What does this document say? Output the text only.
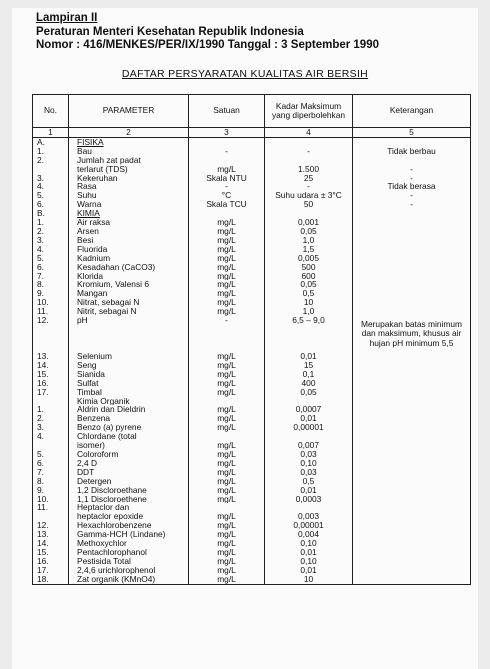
Lampiran II
Peraturan Menteri Kesehatan Republik Indonesia
Nomor : 416/MENKES/PER/IX/1990 Tanggal : 3 September 1990
DAFTAR PERSYARATAN KUALITAS AIR BERSIH
No.	PARAMETER	Satuan	Kadar Maksimum yang diperbolehkan	Keterangan
1	2	3	4	5
A.	FISIKA			
1.	Bau	-	-	Tidak berbau
2.	Jumlah zat padat			
	terlarut (TDS)	mg/L	1.500	-
3.	Kekeruhan	Skala NTU	25	-
4.	Rasa	-	-	Tidak berasa
5.	Suhu	°C	Suhu udara ± 3°C	-
6.	Warna	Skala TCU	50	-
B.	KIMIA			
1.	Air raksa	mg/L	0,001	
2.	Arsen	mg/L	0,05	
3.	Besi	mg/L	1,0	
4.	Fluorida	mg/L	1,5	
5.	Kadnium	mg/L	0,005	
6.	Kesadahan (CaCO3)	mg/L	500	
7.	Klorida	mg/L	600	
8.	Kromium, Valensi 6	mg/L	0,05	
9.	Mangan	mg/L	0,5	
10.	Nitrat, sebagai N	mg/L	10	
11.	Nitrit, sebagai N	mg/L	1,0	
12.	pH	-	6,5 – 9,0	Merupakan batas minimum dan maksimum, khusus air hujan pH minimum 5,5
13.	Selenium	mg/L	0,01	
14.	Seng	mg/L	15	
15.	Sianida	mg/L	0,1	
16.	Sulfat	mg/L	400	
17.	Timbal	mg/L	0,05	
	Kimia Organik			
1.	Aldrin dan Dieldrin	mg/L	0,0007	
2.	Benzena	mg/L	0,01	
3.	Benzo (a) pyrene	mg/L	0,00001	
4.	Chlordane (total			
	isomer)	mg/L	0,007	
5.	Coloroform	mg/L	0,03	
6.	2,4 D	mg/L	0,10	
7.	DDT	mg/L	0,03	
8.	Detergen	mg/L	0,5	
9.	1,2 Discloroethane	mg/L	0,01	
10.	1,1 Discloroethene	mg/L	0,0003	
11.	Heptaclor dan			
	heptaclor epoxide	mg/L	0,003	
12.	Hexachlorobenzene	mg/L	0,00001	
13.	Gamma-HCH (Lindane)	mg/L	0,004	
14.	Methoxychlor	mg/L	0,10	
15.	Pentachlorophanol	mg/L	0,01	
16.	Pestisida Total	mg/L	0,10	
17.	2,4,6 urichlorophenol	mg/L	0,01	
18.	Zat organik (KMnO4)	mg/L	10	
